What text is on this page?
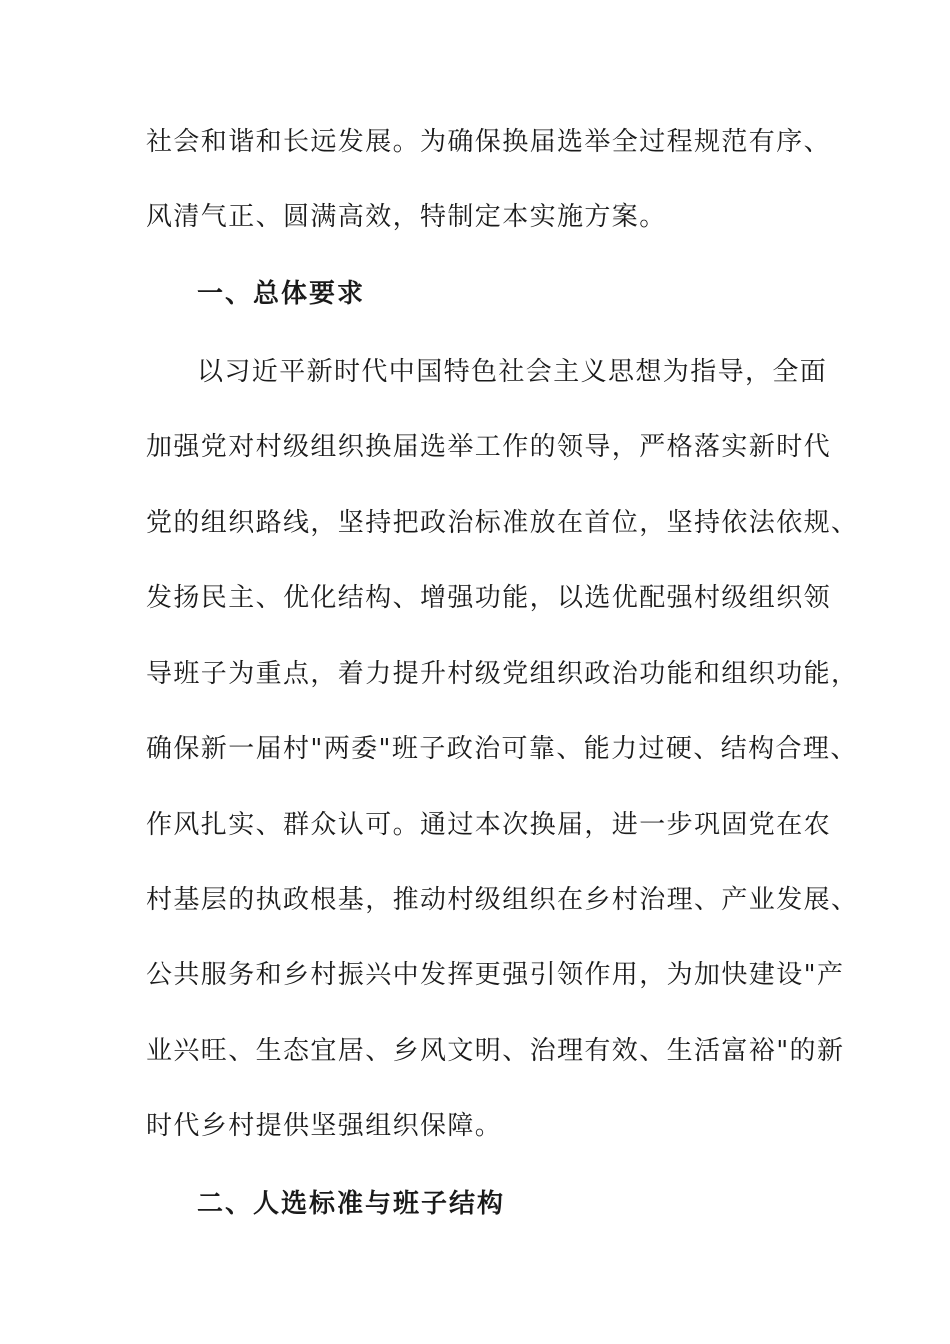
社会和谐和长远发展。为确保换届选举全过程规范有序、
风清气正、圆满高效，特制定本实施方案。
一、总体要求
以习近平新时代中国特色社会主义思想为指导，全面
加强党对村级组织换届选举工作的领导，严格落实新时代
党的组织路线，坚持把政治标准放在首位，坚持依法依规、
发扬民主、优化结构、增强功能，以选优配强村级组织领
导班子为重点，着力提升村级党组织政治功能和组织功能，
确保新一届村"两委"班子政治可靠、能力过硬、结构合理、
作风扎实、群众认可。通过本次换届，进一步巩固党在农
村基层的执政根基，推动村级组织在乡村治理、产业发展、
公共服务和乡村振兴中发挥更强引领作用，为加快建设"产
业兴旺、生态宜居、乡风文明、治理有效、生活富裕"的新
时代乡村提供坚强组织保障。
二、人选标准与班子结构
